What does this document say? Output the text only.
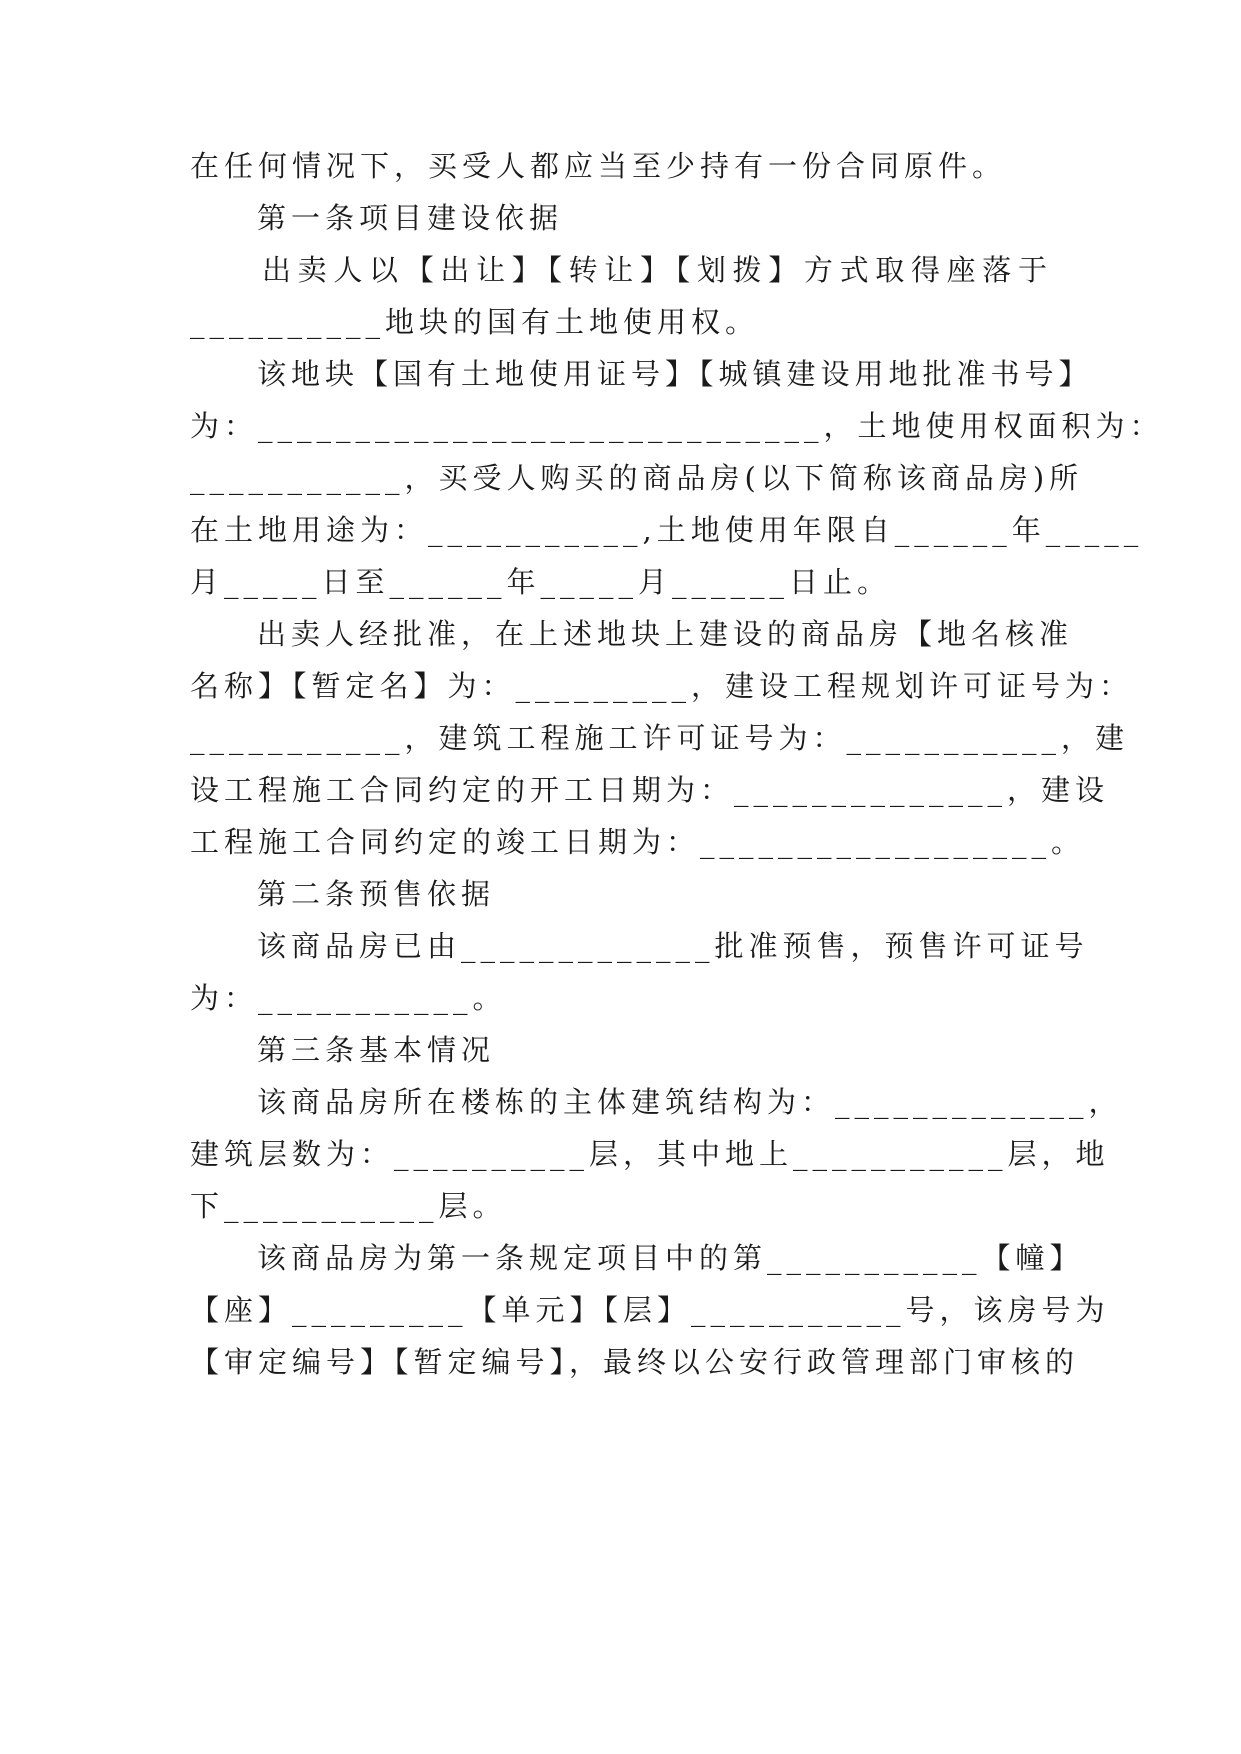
在任何情况下，买受人都应当至少持有一份合同原件。
第一条项目建设依据
出卖人以【出让】【转让】【划拨】方式取得座落于
__________地块的国有土地使用权。
该地块【国有土地使用证号】【城镇建设用地批准书号】
为：_____________________________，土地使用权面积为：
___________，买受人购买的商品房(以下简称该商品房)所
在土地用途为：___________,土地使用年限自______年_____
月_____日至______年_____月______日止。
出卖人经批准，在上述地块上建设的商品房【地名核准
名称】【暂定名】为：_________，建设工程规划许可证号为：
___________，建筑工程施工许可证号为：___________，建
设工程施工合同约定的开工日期为：______________，建设
工程施工合同约定的竣工日期为：__________________。
第二条预售依据
该商品房已由_____________批准预售，预售许可证号
为：___________。
第三条基本情况
该商品房所在楼栋的主体建筑结构为：_____________，
建筑层数为：__________层，其中地上___________层，地
下___________层。
该商品房为第一条规定项目中的第___________【幢】
【座】_________【单元】【层】___________号，该房号为
【审定编号】【暂定编号】，最终以公安行政管理部门审核的
